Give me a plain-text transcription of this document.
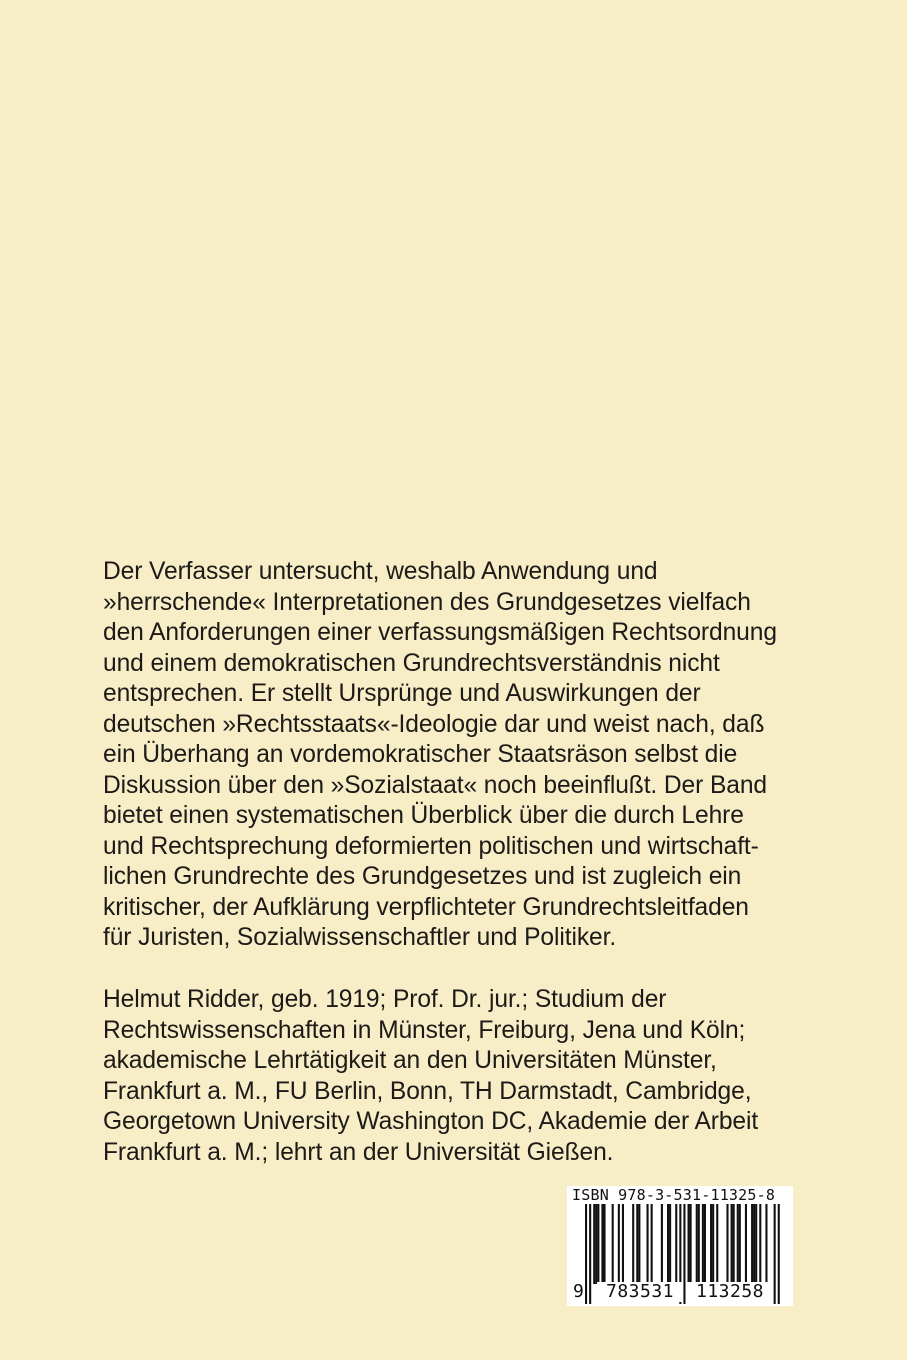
Der Verfasser untersucht, weshalb Anwendung und
»herrschende« Interpretationen des Grundgesetzes vielfach
den Anforderungen einer verfassungsmäßigen Rechtsordnung
und einem demokratischen Grundrechtsverständnis nicht
entsprechen. Er stellt Ursprünge und Auswirkungen der
deutschen »Rechtsstaats«-Ideologie dar und weist nach, daß
ein Überhang an vordemokratischer Staatsräson selbst die
Diskussion über den »Sozialstaat« noch beeinflußt. Der Band
bietet einen systematischen Überblick über die durch Lehre
und Rechtsprechung deformierten politischen und wirtschaft-
lichen Grundrechte des Grundgesetzes und ist zugleich ein
kritischer, der Aufklärung verpflichteter Grundrechtsleitfaden
für Juristen, Sozialwissenschaftler und Politiker.
Helmut Ridder, geb. 1919; Prof. Dr. jur.; Studium der
Rechtswissenschaften in Münster, Freiburg, Jena und Köln;
akademische Lehrtätigkeit an den Universitäten Münster,
Frankfurt a. M., FU Berlin, Bonn, TH Darmstadt, Cambridge,
Georgetown University Washington DC, Akademie der Arbeit
Frankfurt a. M.; lehrt an der Universität Gießen.
ISBN 978-3-531-11325-8
9	783531	113258
